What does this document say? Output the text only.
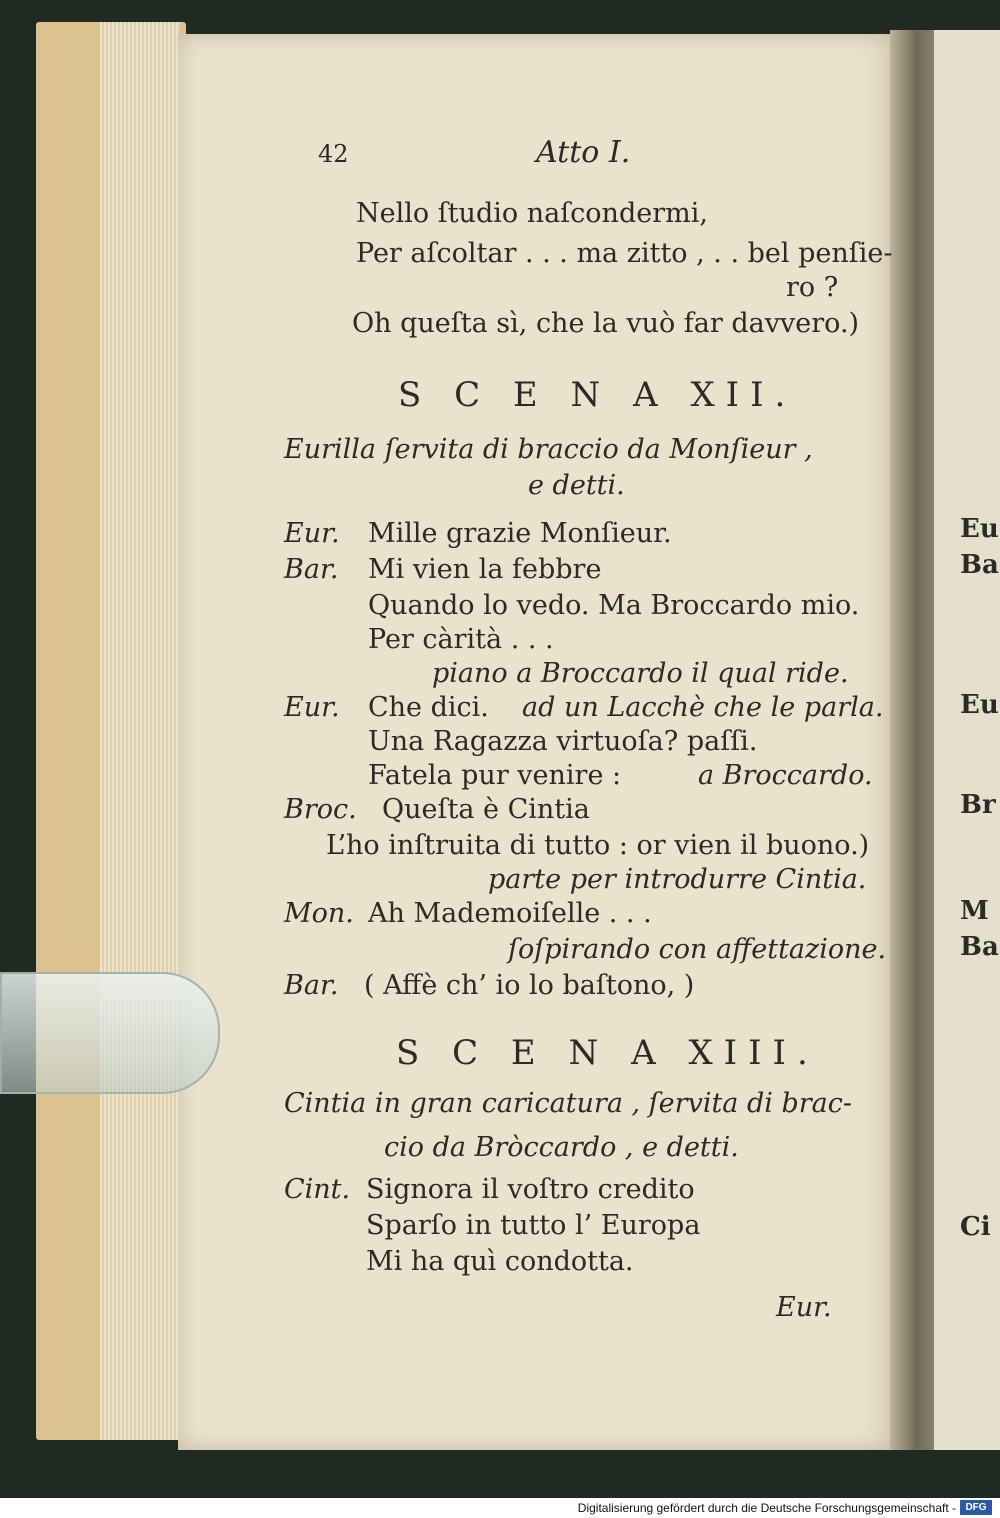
Eu
Ba
Eu
Br
M
Ba
Ci
42	Atto I.
Nello ſtudio naſcondermi,
Per aſcoltar . . . ma zitto , . . bel penſie-
ro ?
Oh queſta sì, che la vuò far davvero.)
S C E N A XII.
Eurilla ſervita di braccio da Monſieur ,
e detti.
Eur. Mille grazie Monſieur.
Bar. Mi vien la febbre
Quando lo vedo. Ma Broccardo mio.
Per càrità . . .
piano a Broccardo il qual ride.
Eur. Che dici. ad un Lacchè che le parla.
Una Ragazza virtuoſa? paſſi.
Fatela pur venire :	a Broccardo.
Broc. Queſta è Cintia
L’ho inſtruita di tutto : or vien il buono.)
parte per introdurre Cintia.
Mon. Ah Mademoiſelle . . .
ſoſpirando con affettazione.
Bar. ( Affè ch’ io lo baſtono, )
S C E N A XIII.
Cintia in gran caricatura , ſervita di brac-
cio da Bròccardo , e detti.
Cint. Signora il voſtro credito
Sparſo in tutto l’ Europa
Mi ha quì condotta.
Eur.
Digitalisierung gefördert durch die Deutsche Forschungsgemeinschaft - DFG
